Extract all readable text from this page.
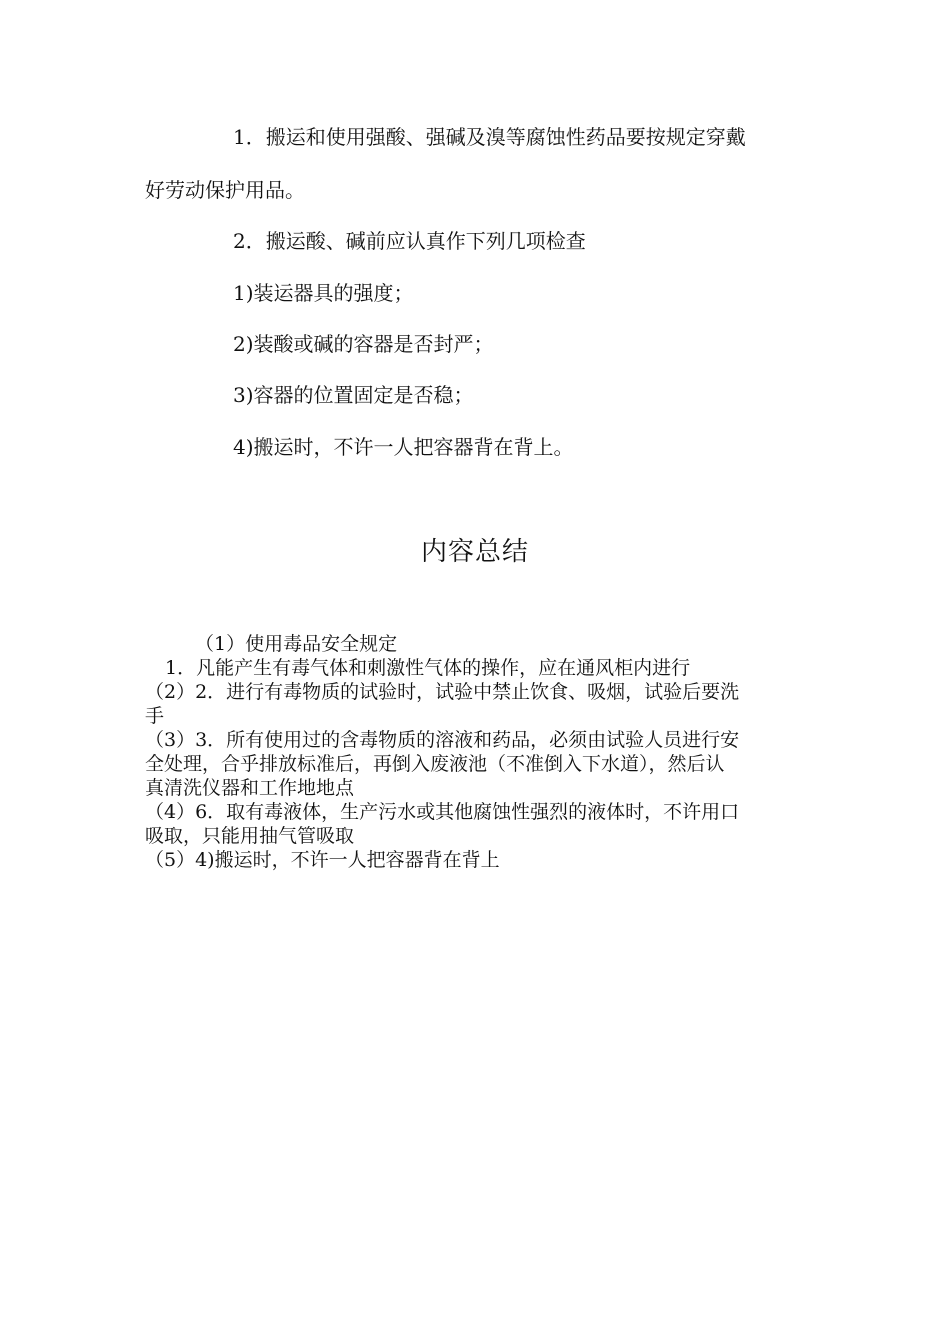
1．搬运和使用强酸、强碱及溴等腐蚀性药品要按规定穿戴
好劳动保护用品。
2．搬运酸、碱前应认真作下列几项检查
1)装运器具的强度；
2)装酸或碱的容器是否封严；
3)容器的位置固定是否稳；
4)搬运时，不许一人把容器背在背上。
内容总结
（1）使用毒品安全规定
1．凡能产生有毒气体和刺激性气体的操作，应在通风柜内进行
（2）2．进行有毒物质的试验时，试验中禁止饮食、吸烟，试验后要洗
手
（3）3．所有使用过的含毒物质的溶液和药品，必须由试验人员进行安
全处理，合乎排放标准后，再倒入废液池（不准倒入下水道），然后认
真清洗仪器和工作地地点
（4）6．取有毒液体，生产污水或其他腐蚀性强烈的液体时，不许用口
吸取，只能用抽气管吸取
（5）4)搬运时，不许一人把容器背在背上
